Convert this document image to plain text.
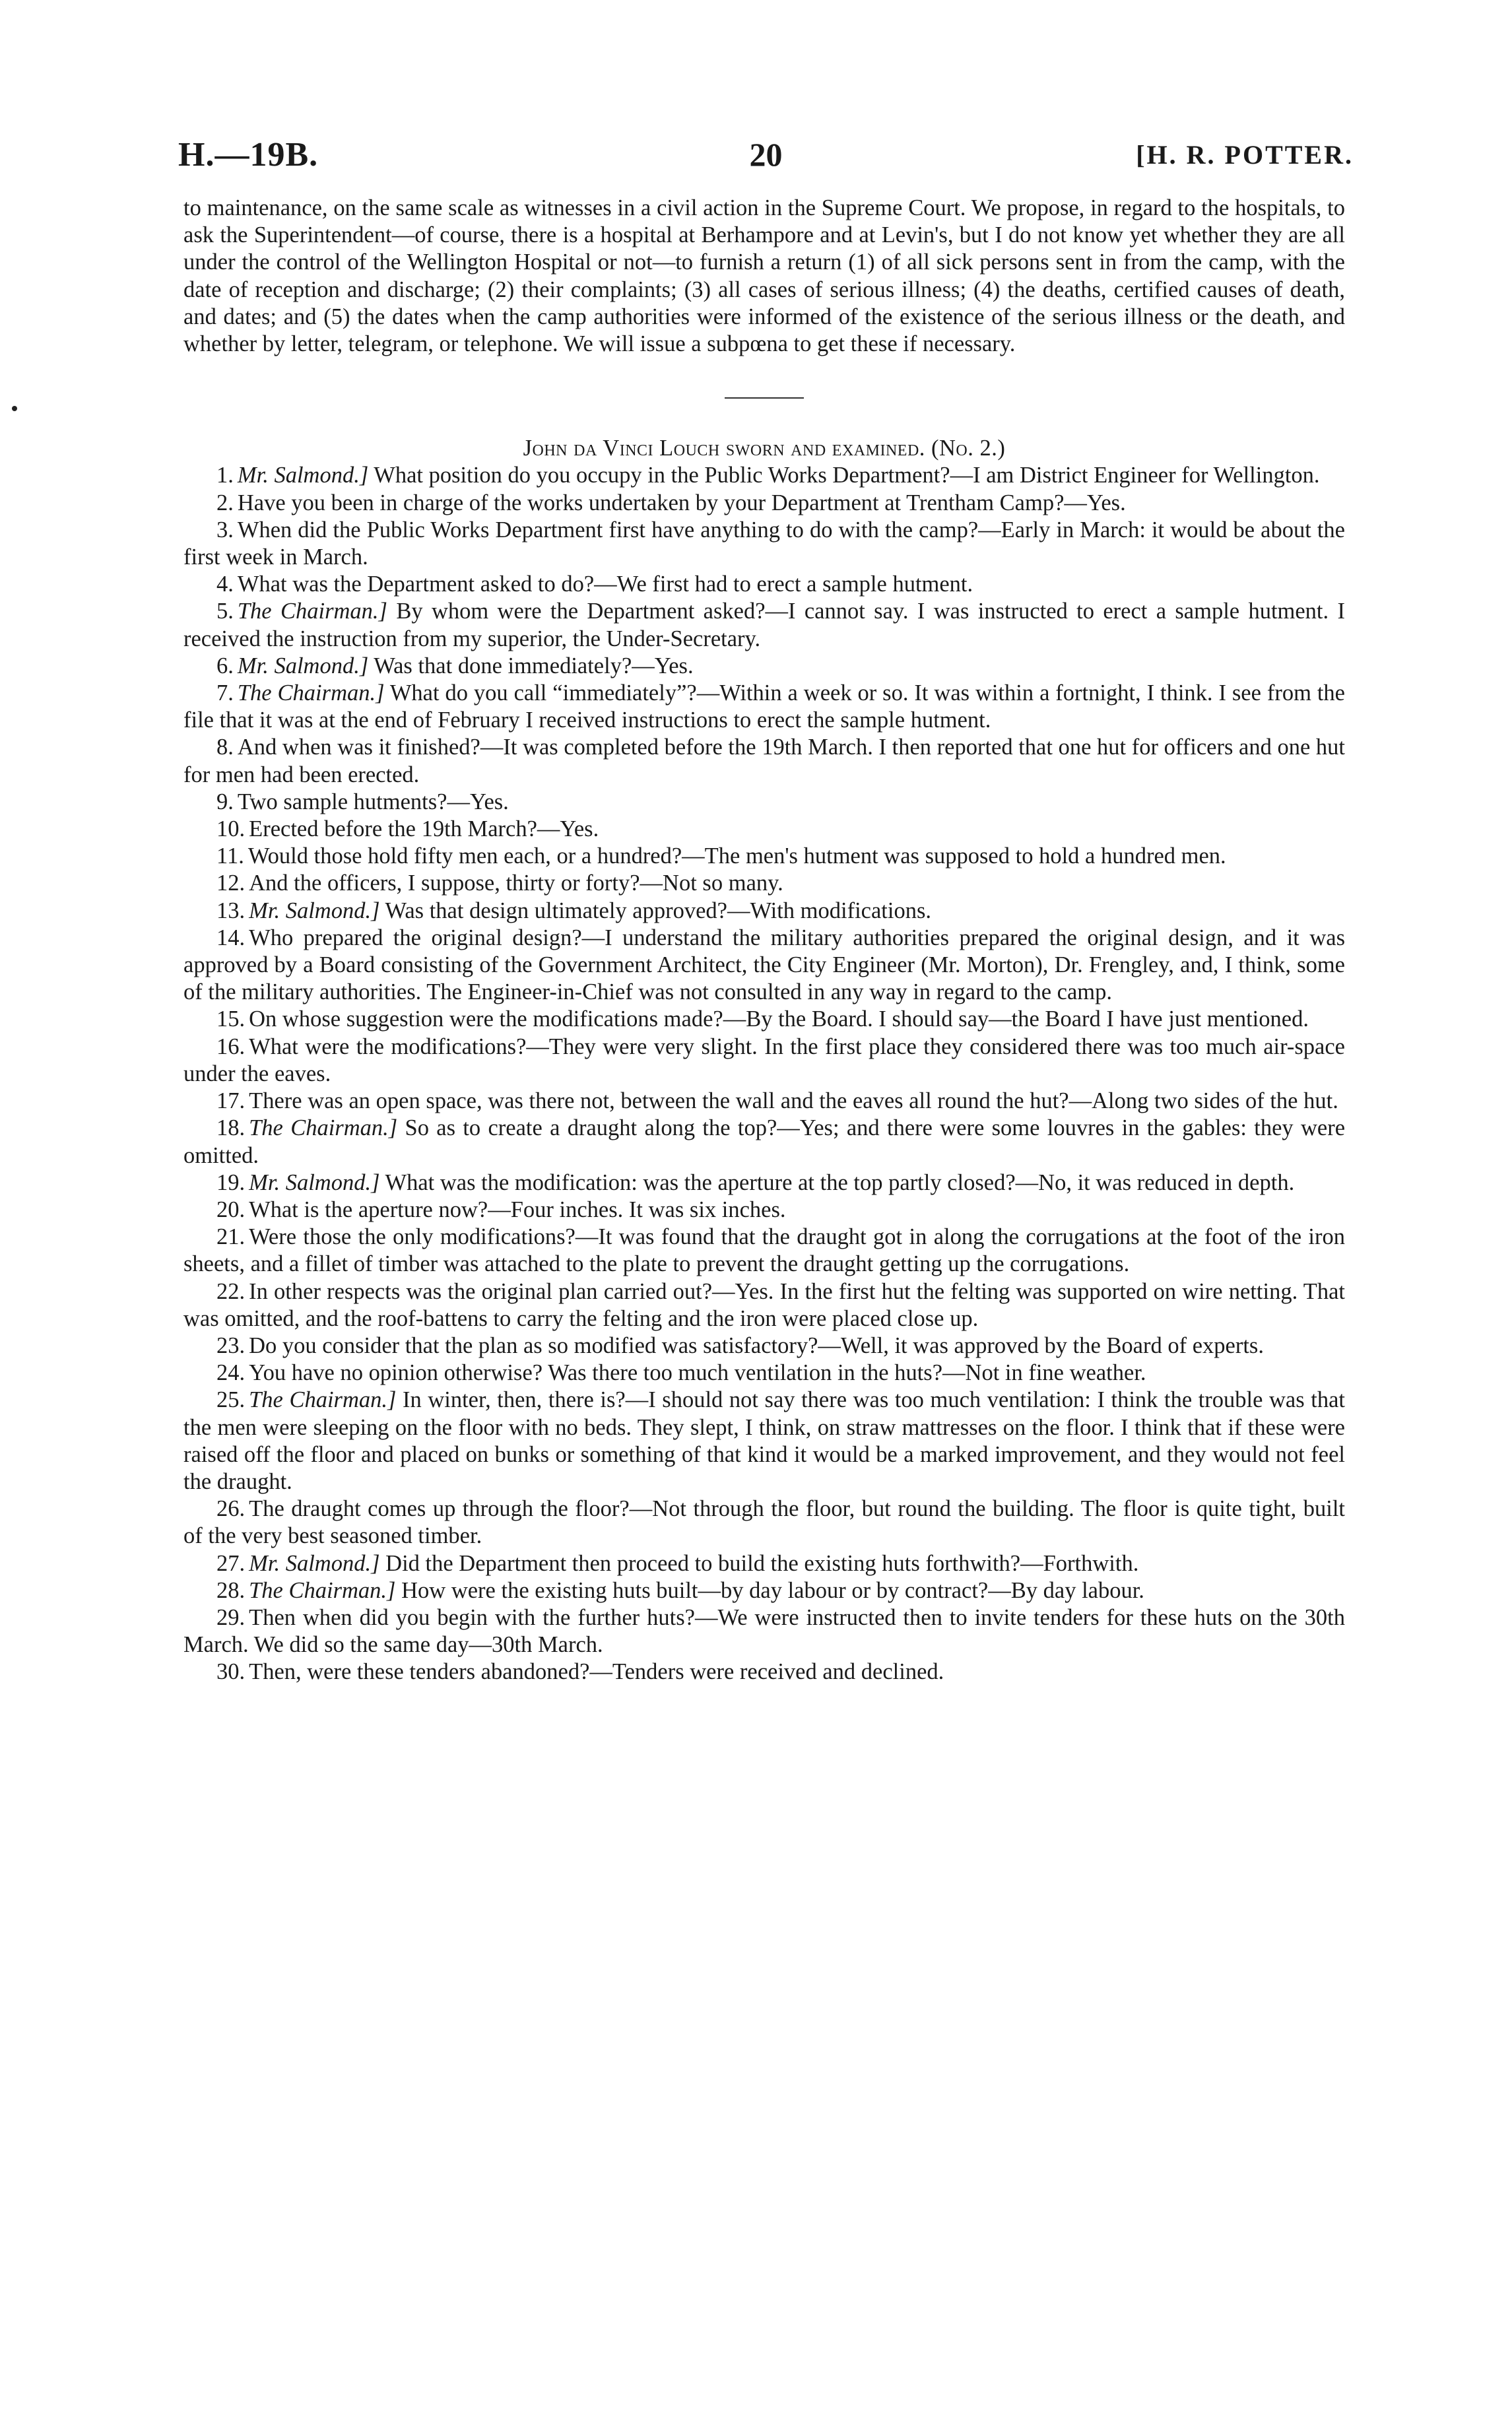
H.—19B.	20	[H. R. POTTER.

to maintenance, on the same scale as witnesses in a civil action in the Supreme Court. We propose, in regard to the hospitals, to ask the Superintendent—of course, there is a hospital at Berhampore and at Levin's, but I do not know yet whether they are all under the control of the Wellington Hospital or not—to furnish a return (1) of all sick persons sent in from the camp, with the date of reception and discharge; (2) their complaints; (3) all cases of serious illness; (4) the deaths, certified causes of death, and dates; and (5) the dates when the camp authorities were informed of the existence of the serious illness or the death, and whether by letter, telegram, or telephone. We will issue a subpœna to get these if necessary.

John da Vinci Louch sworn and examined. (No. 2.)

1. Mr. Salmond.] What position do you occupy in the Public Works Department?—I am District Engineer for Wellington.

2. Have you been in charge of the works undertaken by your Department at Trentham Camp?—Yes.

3. When did the Public Works Department first have anything to do with the camp?—Early in March: it would be about the first week in March.

4. What was the Department asked to do?—We first had to erect a sample hutment.

5. The Chairman.] By whom were the Department asked?—I cannot say. I was instructed to erect a sample hutment. I received the instruction from my superior, the Under-Secretary.

6. Mr. Salmond.] Was that done immediately?—Yes.

7. The Chairman.] What do you call “immediately”?—Within a week or so. It was within a fortnight, I think. I see from the file that it was at the end of February I received instructions to erect the sample hutment.

8. And when was it finished?—It was completed before the 19th March. I then reported that one hut for officers and one hut for men had been erected.

9. Two sample hutments?—Yes.

10. Erected before the 19th March?—Yes.

11. Would those hold fifty men each, or a hundred?—The men's hutment was supposed to hold a hundred men.

12. And the officers, I suppose, thirty or forty?—Not so many.

13. Mr. Salmond.] Was that design ultimately approved?—With modifications.

14. Who prepared the original design?—I understand the military authorities prepared the original design, and it was approved by a Board consisting of the Government Architect, the City Engineer (Mr. Morton), Dr. Frengley, and, I think, some of the military authorities. The Engineer-in-Chief was not consulted in any way in regard to the camp.

15. On whose suggestion were the modifications made?—By the Board. I should say—the Board I have just mentioned.

16. What were the modifications?—They were very slight. In the first place they considered there was too much air-space under the eaves.

17. There was an open space, was there not, between the wall and the eaves all round the hut?—Along two sides of the hut.

18. The Chairman.] So as to create a draught along the top?—Yes; and there were some louvres in the gables: they were omitted.

19. Mr. Salmond.] What was the modification: was the aperture at the top partly closed?—No, it was reduced in depth.

20. What is the aperture now?—Four inches. It was six inches.

21. Were those the only modifications?—It was found that the draught got in along the corrugations at the foot of the iron sheets, and a fillet of timber was attached to the plate to prevent the draught getting up the corrugations.

22. In other respects was the original plan carried out?—Yes. In the first hut the felting was supported on wire netting. That was omitted, and the roof-battens to carry the felting and the iron were placed close up.

23. Do you consider that the plan as so modified was satisfactory?—Well, it was approved by the Board of experts.

24. You have no opinion otherwise? Was there too much ventilation in the huts?—Not in fine weather.

25. The Chairman.] In winter, then, there is?—I should not say there was too much ventilation: I think the trouble was that the men were sleeping on the floor with no beds. They slept, I think, on straw mattresses on the floor. I think that if these were raised off the floor and placed on bunks or something of that kind it would be a marked improvement, and they would not feel the draught.

26. The draught comes up through the floor?—Not through the floor, but round the building. The floor is quite tight, built of the very best seasoned timber.

27. Mr. Salmond.] Did the Department then proceed to build the existing huts forthwith?—Forthwith.

28. The Chairman.] How were the existing huts built—by day labour or by contract?—By day labour.

29. Then when did you begin with the further huts?—We were instructed then to invite tenders for these huts on the 30th March. We did so the same day—30th March.

30. Then, were these tenders abandoned?—Tenders were received and declined.
